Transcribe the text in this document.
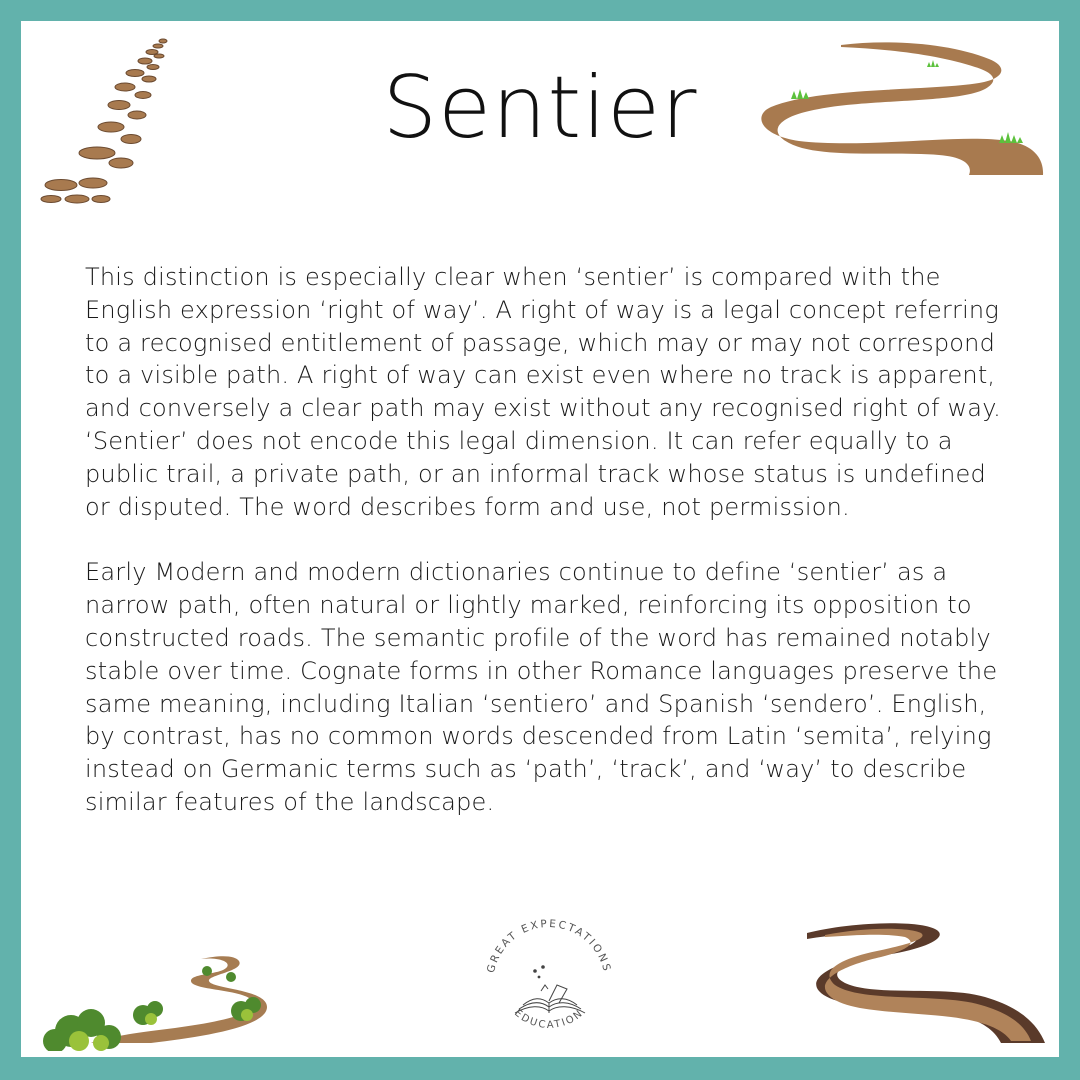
Sentier

This distinction is especially clear when ‘sentier’ is compared with the English expression ‘right of way’. A right of way is a legal concept referring to a recognised entitlement of passage, which may or may not correspond to a visible path. A right of way can exist even where no track is apparent, and conversely a clear path may exist without any recognised right of way. ‘Sentier’ does not encode this legal dimension. It can refer equally to a public trail, a private path, or an informal track whose status is undefined or disputed. The word describes form and use, not permission.

Early Modern and modern dictionaries continue to define ‘sentier’ as a narrow path, often natural or lightly marked, reinforcing its opposition to constructed roads. The semantic profile of the word has remained notably stable over time. Cognate forms in other Romance languages preserve the same meaning, including Italian ‘sentiero’ and Spanish ‘sendero’. English, by contrast, has no common words descended from Latin ‘semita’, relying instead on Germanic terms such as ‘path’, ‘track’, and ‘way’ to describe similar features of the landscape.

GREAT EXPECTATIONS
EDUCATION
